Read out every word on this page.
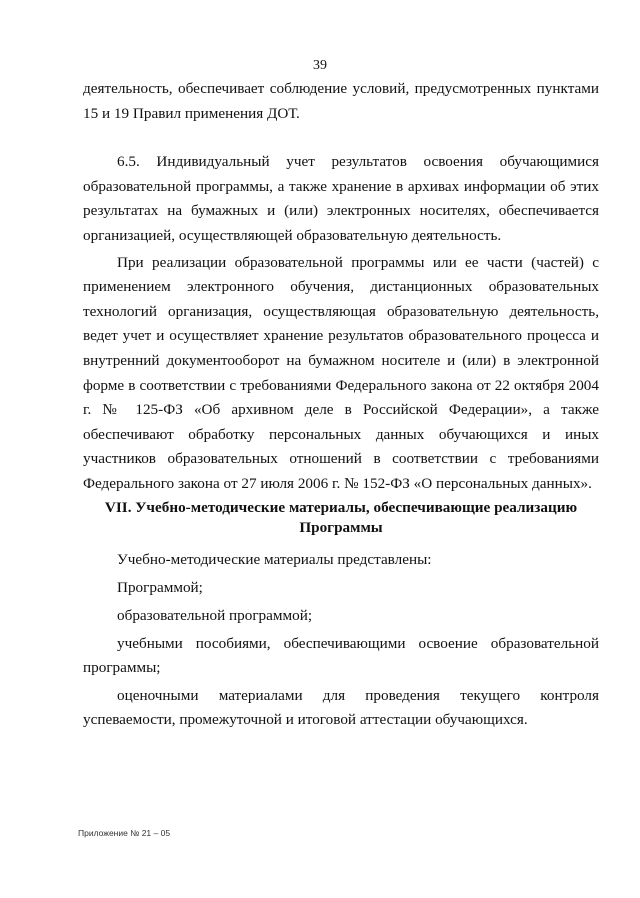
39

деятельность, обеспечивает соблюдение условий, предусмотренных пунктами 15 и 19 Правил применения ДОТ.

6.5. Индивидуальный учет результатов освоения обучающимися образовательной программы, а также хранение в архивах информации об этих результатах на бумажных и (или) электронных носителях, обеспечивается организацией, осуществляющей образовательную деятельность.

При реализации образовательной программы или ее части (частей) с применением электронного обучения, дистанционных образовательных технологий организация, осуществляющая образовательную деятельность, ведет учет и осуществляет хранение результатов образовательного процесса и внутренний документооборот на бумажном носителе и (или) в электронной форме в соответствии с требованиями Федерального закона от 22 октября 2004 г. № 125-ФЗ «Об архивном деле в Российской Федерации», а также обеспечивают обработку персональных данных обучающихся и иных участников образовательных отношений в соответствии с требованиями Федерального закона от 27 июля 2006 г. № 152-ФЗ «О персональных данных».

VII. Учебно-методические материалы, обеспечивающие реализацию
Программы

Учебно-методические материалы представлены:

Программой;

образовательной программой;

учебными пособиями, обеспечивающими освоение образовательной программы;

оценочными материалами для проведения текущего контроля успеваемости, промежуточной и итоговой аттестации обучающихся.

Приложение № 21 – 05
